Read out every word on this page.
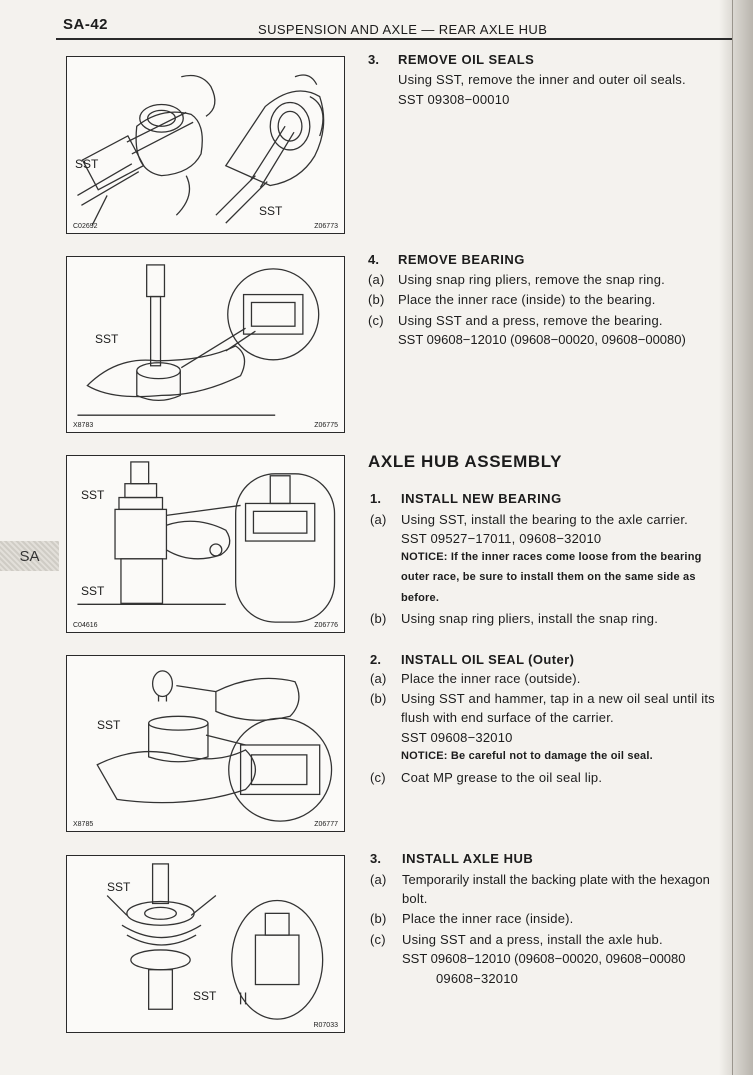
SA-42	SUSPENSION AND AXLE — REAR AXLE HUB
SA
SST
SST
C02692	Z06773
SST
X8783	Z06775
SST
SST
C04616	Z06776
SST
X8785	Z06777
SST
SST
R07033
3. REMOVE OIL SEALS
Using SST, remove the inner and outer oil seals.
SST 09308−00010
4. REMOVE BEARING
(a) Using snap ring pliers, remove the snap ring.
(b) Place the inner race (inside) to the bearing.
(c) Using SST and a press, remove the bearing.
SST 09608−12010 (09608−00020, 09608−00080)
AXLE HUB ASSEMBLY
1. INSTALL NEW BEARING
(a) Using SST, install the bearing to the axle carrier.
SST 09527−17011, 09608−32010
NOTICE: If the inner races come loose from the bearing
outer race, be sure to install them on the same side as
before.
(b) Using snap ring pliers, install the snap ring.
2. INSTALL OIL SEAL (Outer)
(a) Place the inner race (outside).
(b) Using SST and hammer, tap in a new oil seal until its
flush with end surface of the carrier.
SST 09608−32010
NOTICE: Be careful not to damage the oil seal.
(c) Coat MP grease to the oil seal lip.
3. INSTALL AXLE HUB
(a) Temporarily install the backing plate with the hexagon
bolt.
(b) Place the inner race (inside).
(c) Using SST and a press, install the axle hub.
SST 09608−12010 (09608−00020, 09608−00080
09608−32010
